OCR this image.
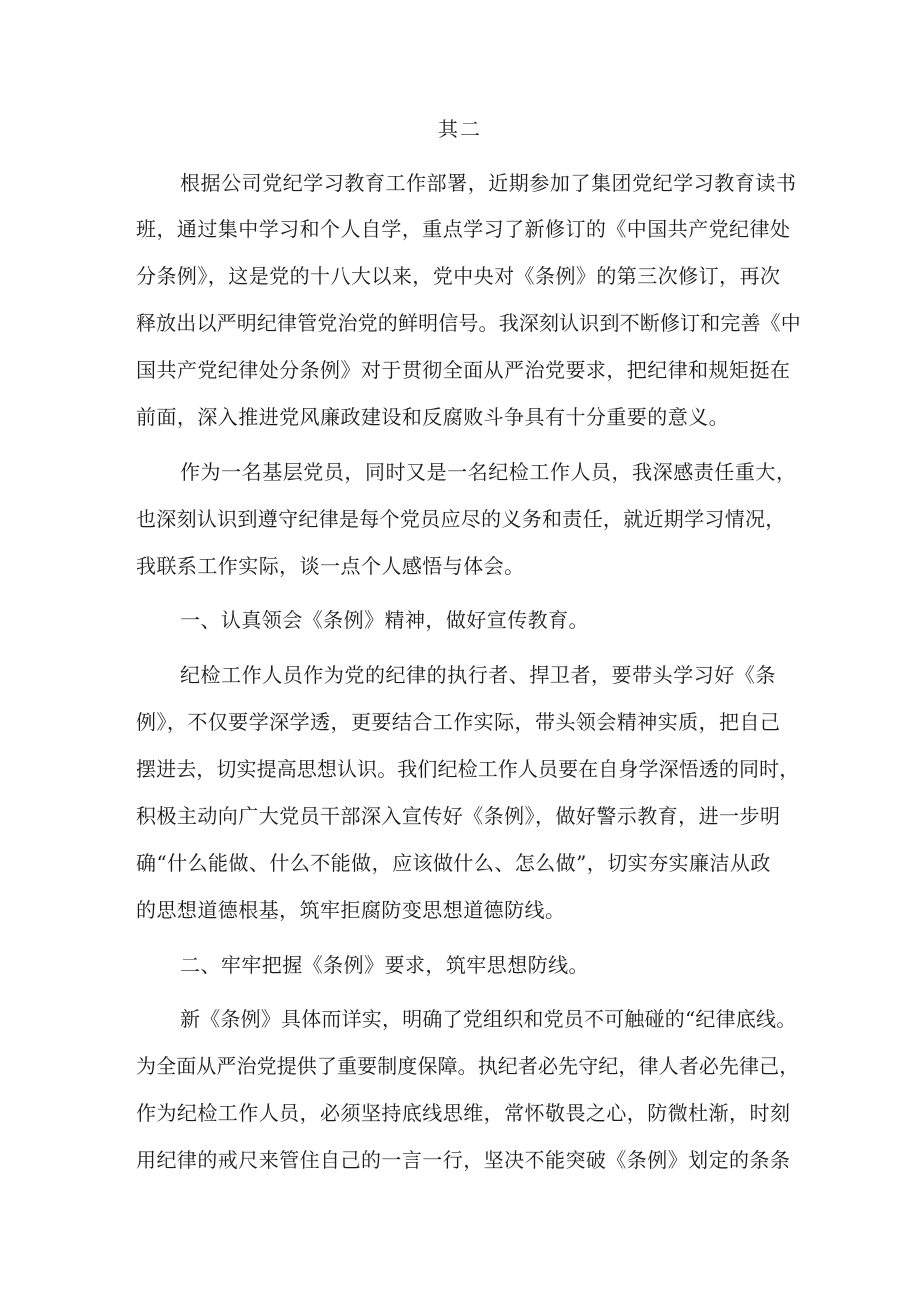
其二
根据公司党纪学习教育工作部署，近期参加了集团党纪学习教育读书
班，通过集中学习和个人自学，重点学习了新修订的《中国共产党纪律处
分条例》，这是党的十八大以来，党中央对《条例》的第三次修订，再次
释放出以严明纪律管党治党的鲜明信号。我深刻认识到不断修订和完善《中
国共产党纪律处分条例》对于贯彻全面从严治党要求，把纪律和规矩挺在
前面，深入推进党风廉政建设和反腐败斗争具有十分重要的意义。
作为一名基层党员，同时又是一名纪检工作人员，我深感责任重大，
也深刻认识到遵守纪律是每个党员应尽的义务和责任，就近期学习情况，
我联系工作实际，谈一点个人感悟与体会。
一、认真领会《条例》精神，做好宣传教育。
纪检工作人员作为党的纪律的执行者、捍卫者，要带头学习好《条
例》，不仅要学深学透，更要结合工作实际，带头领会精神实质，把自己
摆进去，切实提高思想认识。我们纪检工作人员要在自身学深悟透的同时，
积极主动向广大党员干部深入宣传好《条例》，做好警示教育，进一步明
确“什么能做、什么不能做，应该做什么、怎么做”，切实夯实廉洁从政
的思想道德根基，筑牢拒腐防变思想道德防线。
二、牢牢把握《条例》要求，筑牢思想防线。
新《条例》具体而详实，明确了党组织和党员不可触碰的“纪律底线。
为全面从严治党提供了重要制度保障。执纪者必先守纪，律人者必先律己，
作为纪检工作人员，必须坚持底线思维，常怀敬畏之心，防微杜渐，时刻
用纪律的戒尺来管住自己的一言一行，坚决不能突破《条例》划定的条条
